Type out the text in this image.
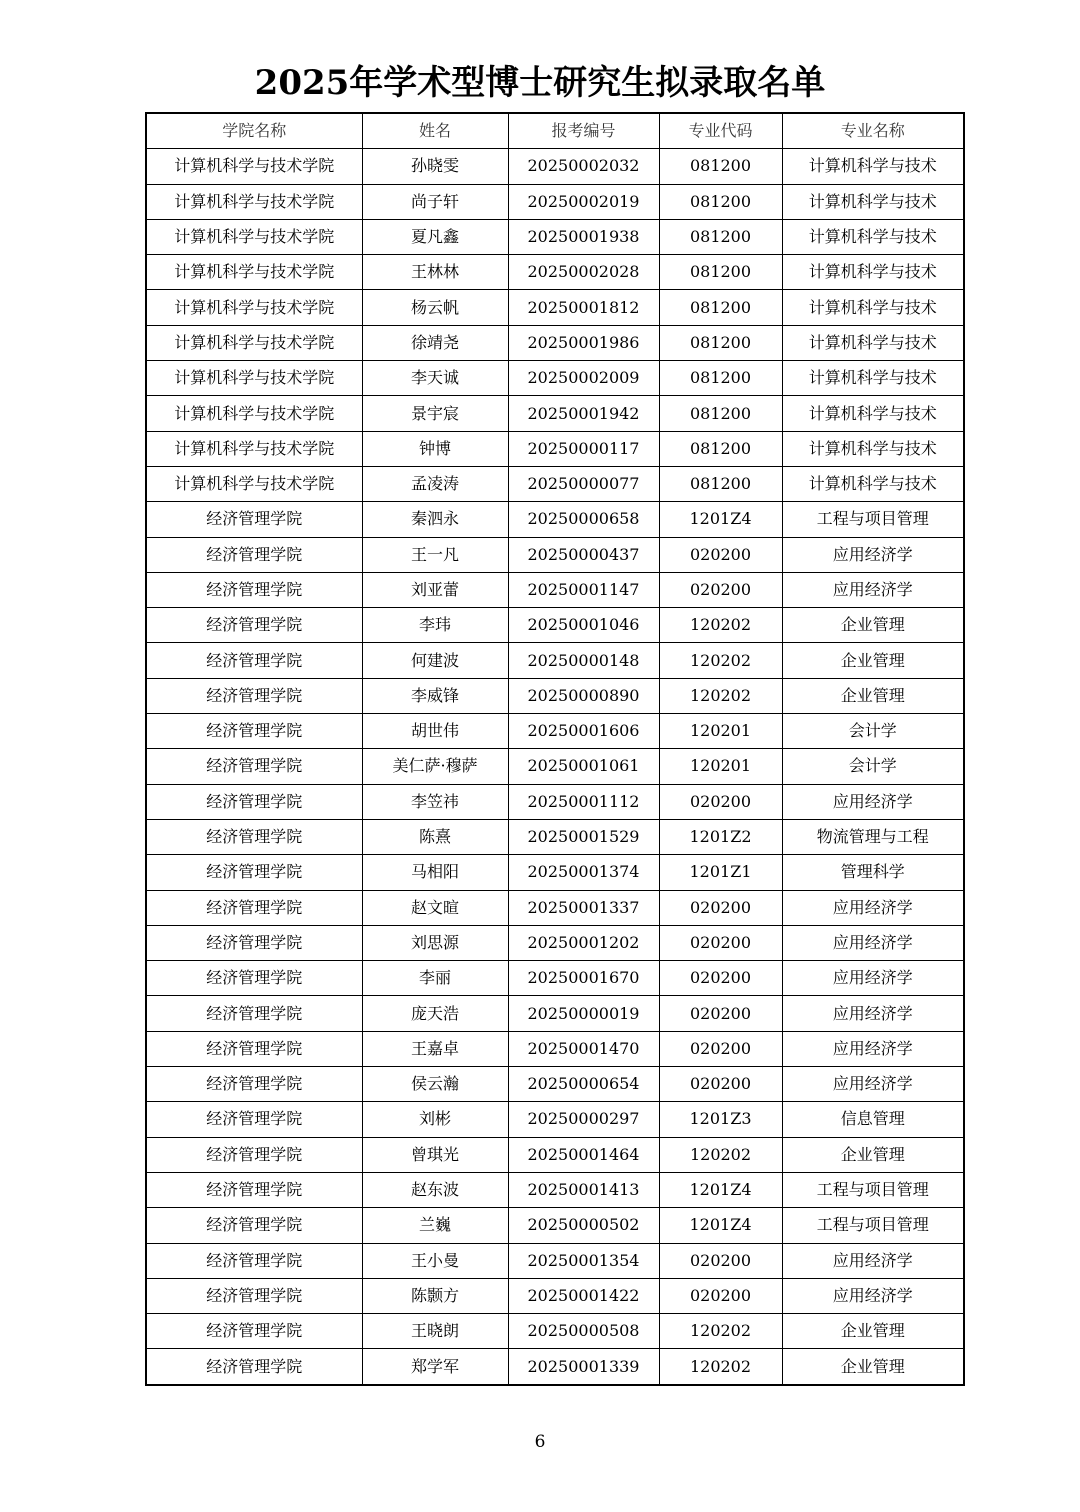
2025年学术型博士研究生拟录取名单
学院名称	姓名	报考编号	专业代码	专业名称
计算机科学与技术学院	孙晓雯	20250002032	081200	计算机科学与技术
计算机科学与技术学院	尚子轩	20250002019	081200	计算机科学与技术
计算机科学与技术学院	夏凡鑫	20250001938	081200	计算机科学与技术
计算机科学与技术学院	王林林	20250002028	081200	计算机科学与技术
计算机科学与技术学院	杨云帆	20250001812	081200	计算机科学与技术
计算机科学与技术学院	徐靖尧	20250001986	081200	计算机科学与技术
计算机科学与技术学院	李天诚	20250002009	081200	计算机科学与技术
计算机科学与技术学院	景宇宸	20250001942	081200	计算机科学与技术
计算机科学与技术学院	钟博	20250000117	081200	计算机科学与技术
计算机科学与技术学院	孟凌涛	20250000077	081200	计算机科学与技术
经济管理学院	秦泗永	20250000658	1201Z4	工程与项目管理
经济管理学院	王一凡	20250000437	020200	应用经济学
经济管理学院	刘亚蕾	20250001147	020200	应用经济学
经济管理学院	李玮	20250001046	120202	企业管理
经济管理学院	何建波	20250000148	120202	企业管理
经济管理学院	李威锋	20250000890	120202	企业管理
经济管理学院	胡世伟	20250001606	120201	会计学
经济管理学院	美仁萨·穆萨	20250001061	120201	会计学
经济管理学院	李笠祎	20250001112	020200	应用经济学
经济管理学院	陈熹	20250001529	1201Z2	物流管理与工程
经济管理学院	马相阳	20250001374	1201Z1	管理科学
经济管理学院	赵文暄	20250001337	020200	应用经济学
经济管理学院	刘思源	20250001202	020200	应用经济学
经济管理学院	李丽	20250001670	020200	应用经济学
经济管理学院	庞天浩	20250000019	020200	应用经济学
经济管理学院	王嘉卓	20250001470	020200	应用经济学
经济管理学院	侯云瀚	20250000654	020200	应用经济学
经济管理学院	刘彬	20250000297	1201Z3	信息管理
经济管理学院	曾琪光	20250001464	120202	企业管理
经济管理学院	赵东波	20250001413	1201Z4	工程与项目管理
经济管理学院	兰巍	20250000502	1201Z4	工程与项目管理
经济管理学院	王小曼	20250001354	020200	应用经济学
经济管理学院	陈颢方	20250001422	020200	应用经济学
经济管理学院	王晓朗	20250000508	120202	企业管理
经济管理学院	郑学军	20250001339	120202	企业管理
6
